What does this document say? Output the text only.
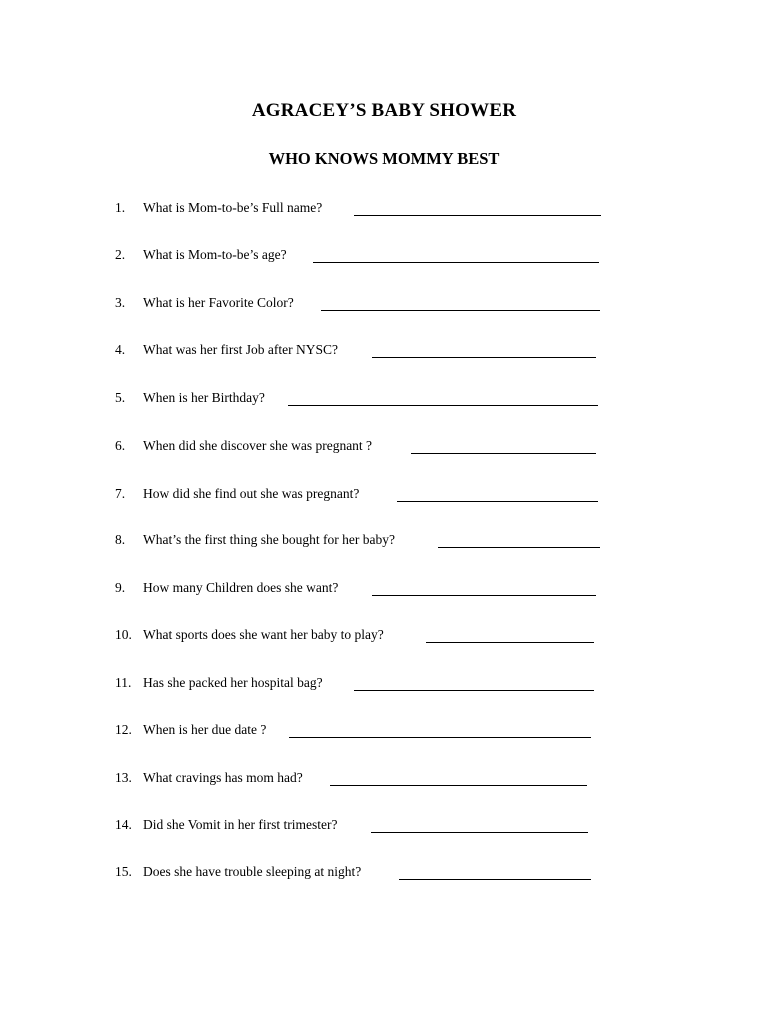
AGRACEY’S BABY SHOWER
WHO KNOWS MOMMY BEST
1. What is Mom-to-be’s Full name?
2. What is Mom-to-be’s age?
3. What is her Favorite Color?
4. What was her first Job after NYSC?
5. When is her Birthday?
6. When did she discover she was pregnant ?
7. How did she find out she was pregnant?
8. What’s the first thing she bought for her baby?
9. How many Children does she want?
10. What sports does she want her baby to play?
11. Has she packed her hospital bag?
12. When is her due date ?
13. What cravings has mom had?
14. Did she Vomit in her first trimester?
15. Does she have trouble sleeping at night?
